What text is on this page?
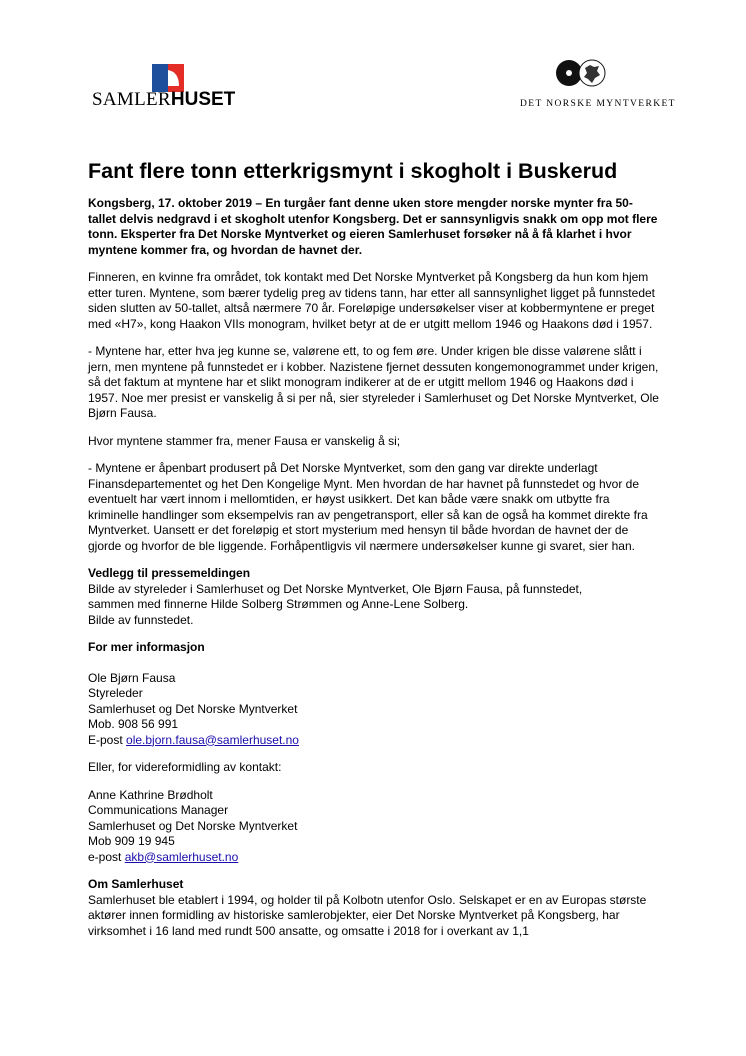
SAMLERHUSET	DET NORSKE MYNTVERKET
Fant flere tonn etterkrigsmynt i skogholt i Buskerud

Kongsberg, 17. oktober 2019 – En turgåer fant denne uken store mengder norske mynter fra 50-tallet delvis nedgravd i et skogholt utenfor Kongsberg. Det er sannsynligvis snakk om opp mot flere tonn. Eksperter fra Det Norske Myntverket og eieren Samlerhuset forsøker nå å få klarhet i hvor myntene kommer fra, og hvordan de havnet der.

Finneren, en kvinne fra området, tok kontakt med Det Norske Myntverket på Kongsberg da hun kom hjem etter turen. Myntene, som bærer tydelig preg av tidens tann, har etter all sannsynlighet ligget på funnstedet siden slutten av 50-tallet, altså nærmere 70 år. Foreløpige undersøkelser viser at kobbermyntene er preget med «H7», kong Haakon VIIs monogram, hvilket betyr at de er utgitt mellom 1946 og Haakons død i 1957.

- Myntene har, etter hva jeg kunne se, valørene ett, to og fem øre. Under krigen ble disse valørene slått i jern, men myntene på funnstedet er i kobber. Nazistene fjernet dessuten kongemonogrammet under krigen, så det faktum at myntene har et slikt monogram indikerer at de er utgitt mellom 1946 og Haakons død i 1957. Noe mer presist er vanskelig å si per nå, sier styreleder i Samlerhuset og Det Norske Myntverket, Ole Bjørn Fausa.

Hvor myntene stammer fra, mener Fausa er vanskelig å si;

- Myntene er åpenbart produsert på Det Norske Myntverket, som den gang var direkte underlagt Finansdepartementet og het Den Kongelige Mynt. Men hvordan de har havnet på funnstedet og hvor de eventuelt har vært innom i mellomtiden, er høyst usikkert. Det kan både være snakk om utbytte fra kriminelle handlinger som eksempelvis ran av pengetransport, eller så kan de også ha kommet direkte fra Myntverket. Uansett er det foreløpig et stort mysterium med hensyn til både hvordan de havnet der de gjorde og hvorfor de ble liggende. Forhåpentligvis vil nærmere undersøkelser kunne gi svaret, sier han.

Vedlegg til pressemeldingen

Bilde av styreleder i Samlerhuset og Det Norske Myntverket, Ole Bjørn Fausa, på funnstedet,
sammen med finnerne Hilde Solberg Strømmen og Anne-Lene Solberg.
Bilde av funnstedet.

For mer informasjon

Ole Bjørn Fausa
Styreleder
Samlerhuset og Det Norske Myntverket
Mob. 908 56 991
E-post ole.bjorn.fausa@samlerhuset.no

Eller, for videreformidling av kontakt:

Anne Kathrine Brødholt
Communications Manager
Samlerhuset og Det Norske Myntverket
Mob 909 19 945
e-post akb@samlerhuset.no

Om Samlerhuset

Samlerhuset ble etablert i 1994, og holder til på Kolbotn utenfor Oslo. Selskapet er en av Europas største aktører innen formidling av historiske samlerobjekter, eier Det Norske Myntverket på Kongsberg, har virksomhet i 16 land med rundt 500 ansatte, og omsatte i 2018 for i overkant av 1,1
